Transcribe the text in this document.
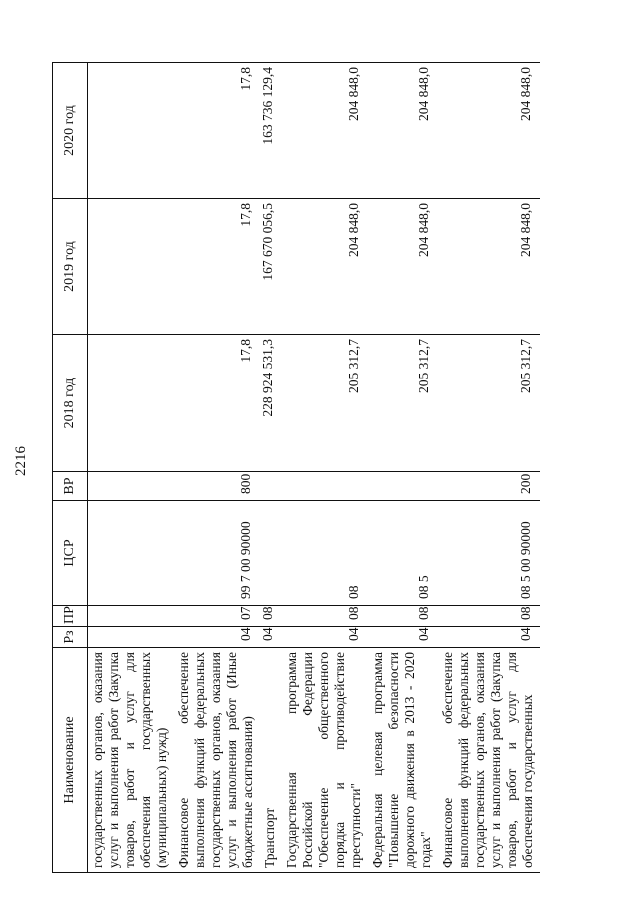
2216
Наименование	Рз	ПР	ЦСР	ВР	2018 год	2019 год	2020 год
государственных органов, оказания услуг и выполнения работ (Закупка товаров, работ и услуг для обеспечения государственных (муниципальных) нужд)							
Финансовое обеспечение выполнения функций федеральных государственных органов, оказания услуг и выполнения работ (Иные бюджетные ассигнования)	04	07	99 7 00 90000	800	17,8	17,8	17,8
Транспорт	04	08			228 924 531,3	167 670 056,5	163 736 129,4
Государственная программа Российской Федерации "Обеспечение общественного порядка и противодействие преступности"	04	08	08		205 312,7	204 848,0	204 848,0
Федеральная целевая программа "Повышение безопасности дорожного движения в 2013 - 2020 годах"	04	08	08 5		205 312,7	204 848,0	204 848,0
Финансовое обеспечение выполнения функций федеральных государственных органов, оказания услуг и выполнения работ (Закупка товаров, работ и услуг для обеспечения государственных	04	08	08 5 00 90000	200	205 312,7	204 848,0	204 848,0
